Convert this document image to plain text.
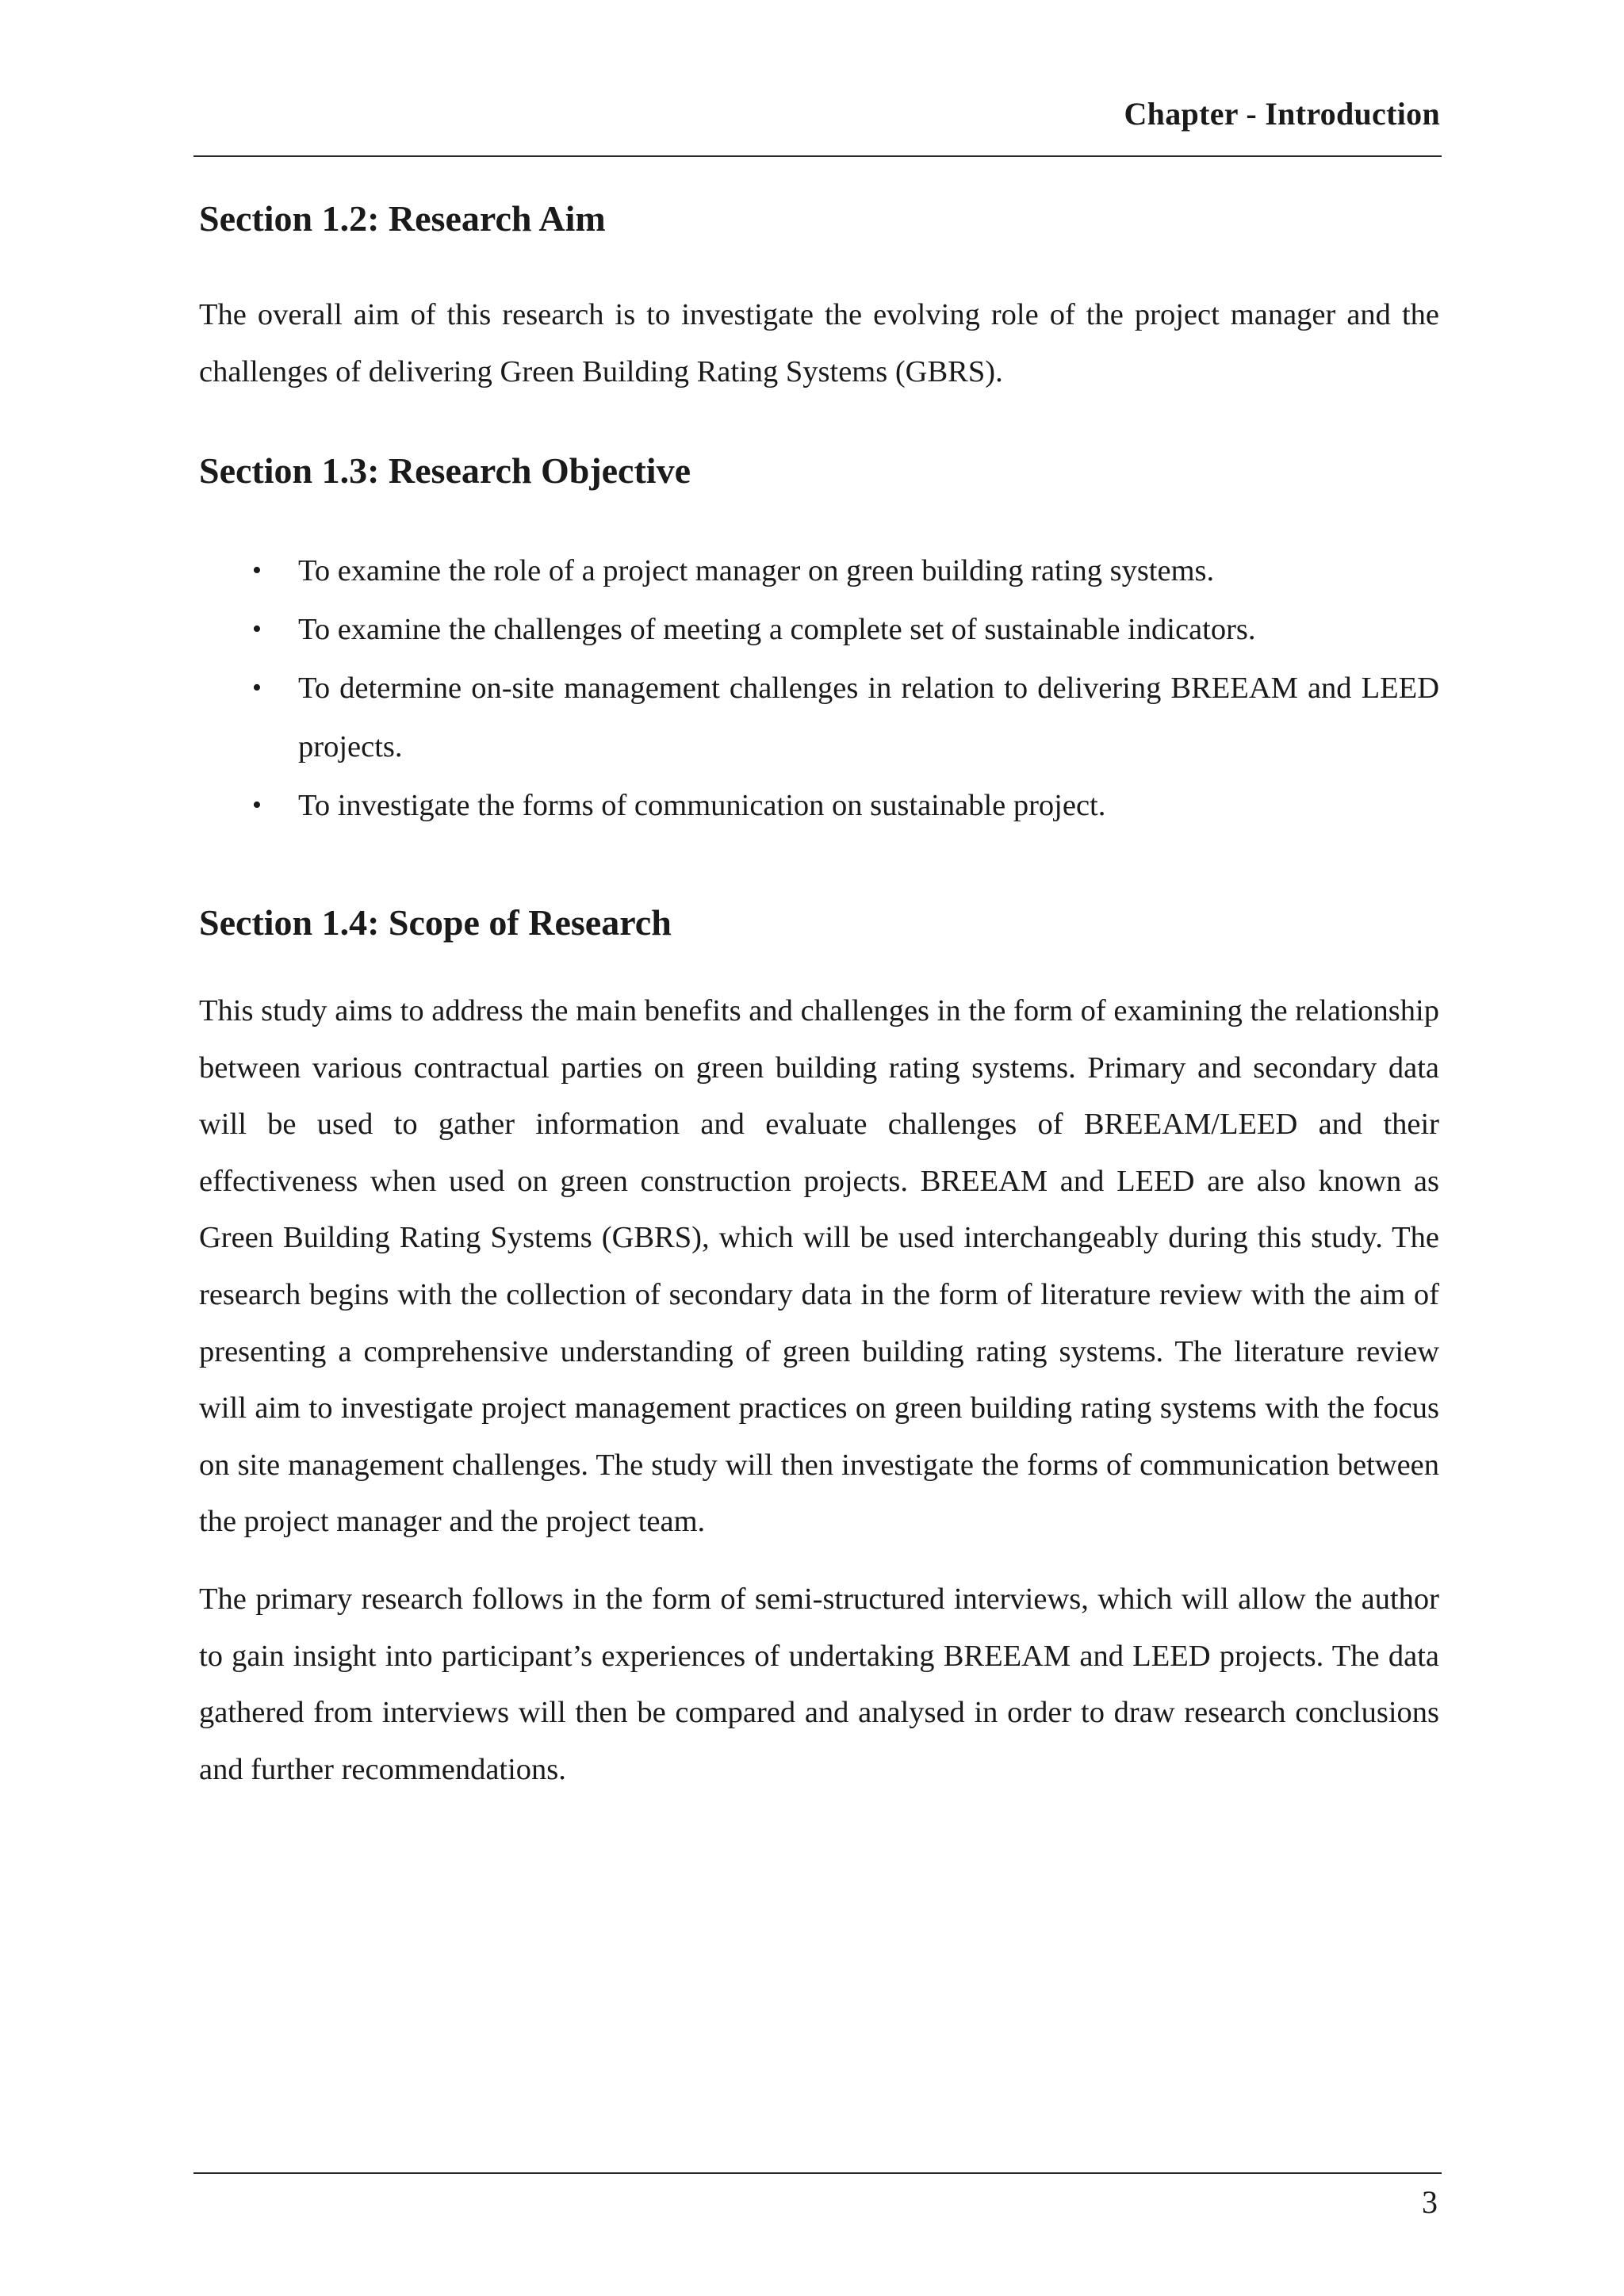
Chapter - Introduction
Section 1.2: Research Aim

The overall aim of this research is to investigate the evolving role of the project manager and the challenges of delivering Green Building Rating Systems (GBRS).

Section 1.3: Research Objective
• To examine the role of a project manager on green building rating systems.
• To examine the challenges of meeting a complete set of sustainable indicators.
• To determine on-site management challenges in relation to delivering BREEAM and LEED projects.
• To investigate the forms of communication on sustainable project.
Section 1.4: Scope of Research

This study aims to address the main benefits and challenges in the form of examining the relationship between various contractual parties on green building rating systems. Primary and secondary data will be used to gather information and evaluate challenges of BREEAM/LEED and their effectiveness when used on green construction projects. BREEAM and LEED are also known as Green Building Rating Systems (GBRS), which will be used interchangeably during this study. The research begins with the collection of secondary data in the form of literature review with the aim of presenting a comprehensive understanding of green building rating systems. The literature review will aim to investigate project management practices on green building rating systems with the focus on site management challenges. The study will then investigate the forms of communication between the project manager and the project team.

The primary research follows in the form of semi-structured interviews, which will allow the author to gain insight into participant’s experiences of undertaking BREEAM and LEED projects. The data gathered from interviews will then be compared and analysed in order to draw research conclusions and further recommendations.

3
